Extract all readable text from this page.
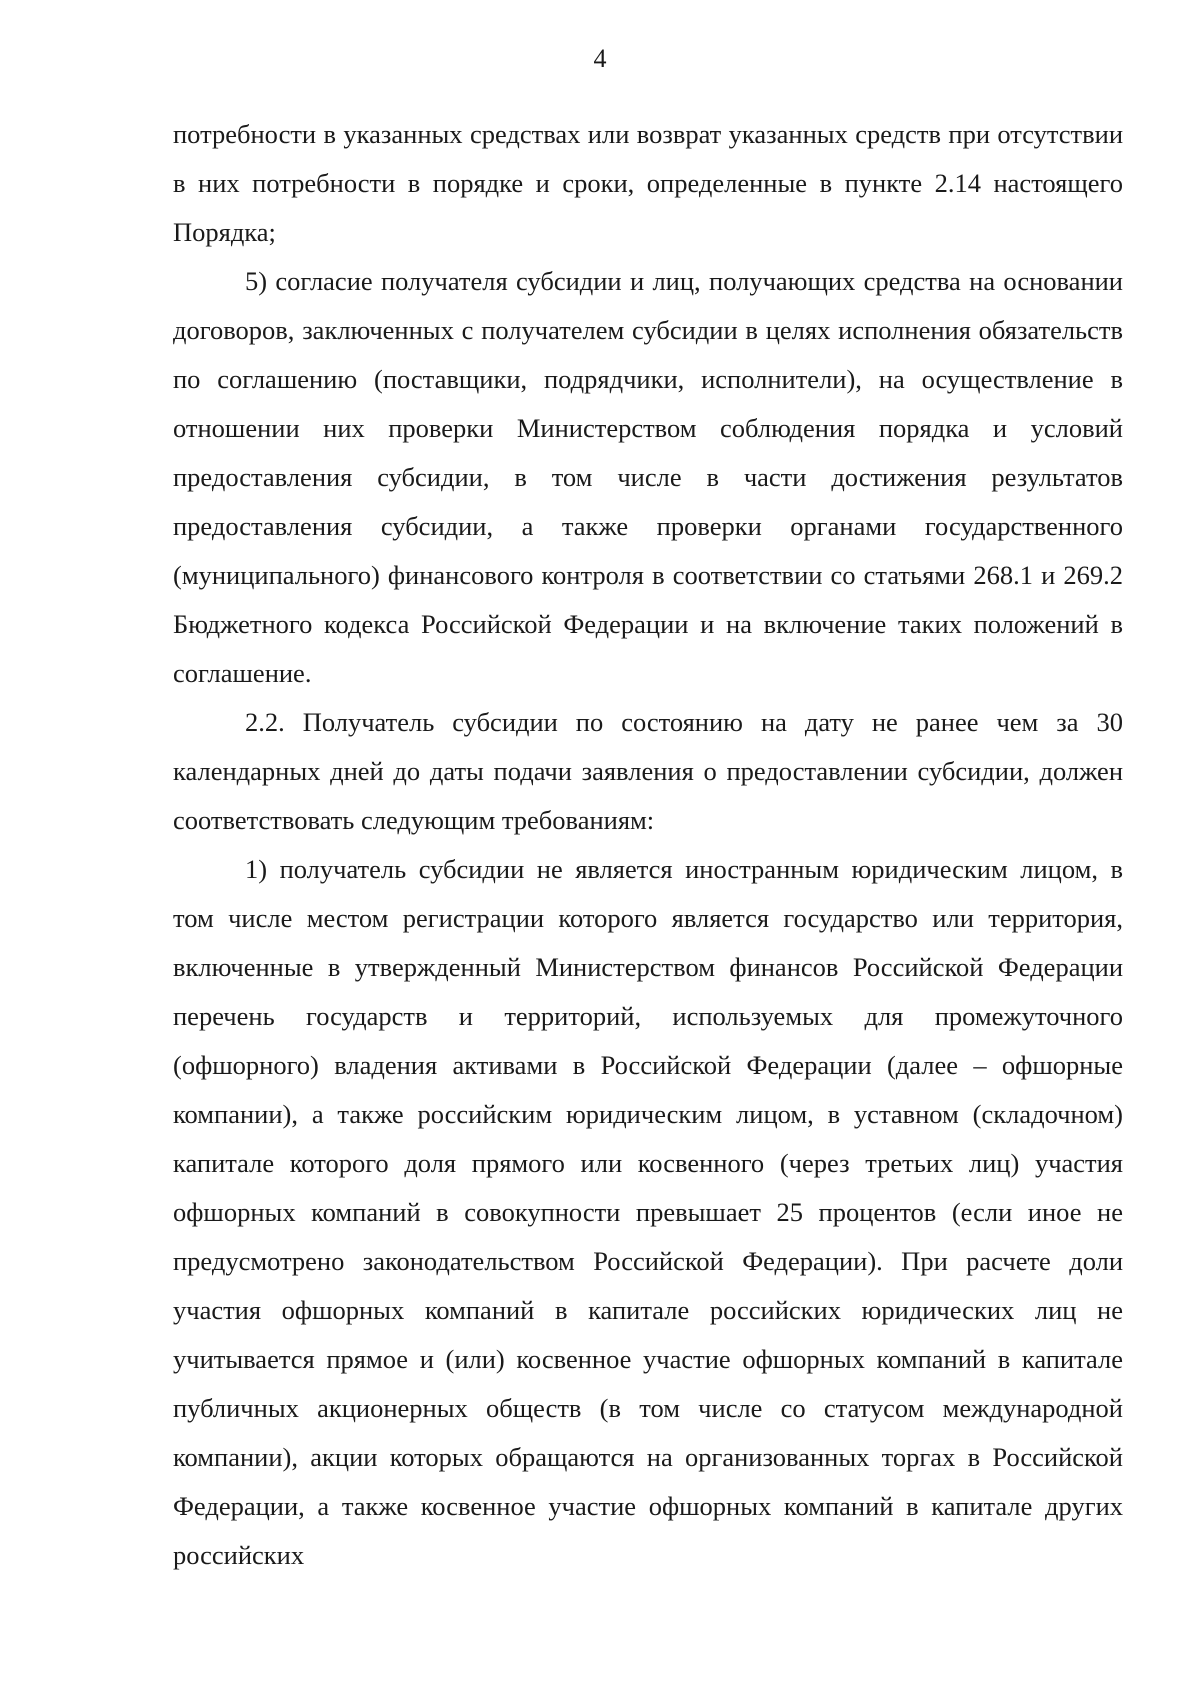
4

потребности в указанных средствах или возврат указанных средств при отсутствии в них потребности в порядке и сроки, определенные в пункте 2.14 настоящего Порядка;

5) согласие получателя субсидии и лиц, получающих средства на основании договоров, заключенных с получателем субсидии в целях исполнения обязательств по соглашению (поставщики, подрядчики, исполнители), на осуществление в отношении них проверки Министерством соблюдения порядка и условий предоставления субсидии, в том числе в части достижения результатов предоставления субсидии, а также проверки органами государственного (муниципального) финансового контроля в соответствии со статьями 268.1 и 269.2 Бюджетного кодекса Российской Федерации и на включение таких положений в соглашение.

2.2. Получатель субсидии по состоянию на дату не ранее чем за 30 календарных дней до даты подачи заявления о предоставлении субсидии, должен соответствовать следующим требованиям:

1) получатель субсидии не является иностранным юридическим лицом, в том числе местом регистрации которого является государство или территория, включенные в утвержденный Министерством финансов Российской Федерации перечень государств и территорий, используемых для промежуточного (офшорного) владения активами в Российской Федерации (далее – офшорные компании), а также российским юридическим лицом, в уставном (складочном) капитале которого доля прямого или косвенного (через третьих лиц) участия офшорных компаний в совокупности превышает 25 процентов (если иное не предусмотрено законодательством Российской Федерации). При расчете доли участия офшорных компаний в капитале российских юридических лиц не учитывается прямое и (или) косвенное участие офшорных компаний в капитале публичных акционерных обществ (в том числе со статусом международной компании), акции которых обращаются на организованных торгах в Российской Федерации, а также косвенное участие офшорных компаний в капитале других российских
